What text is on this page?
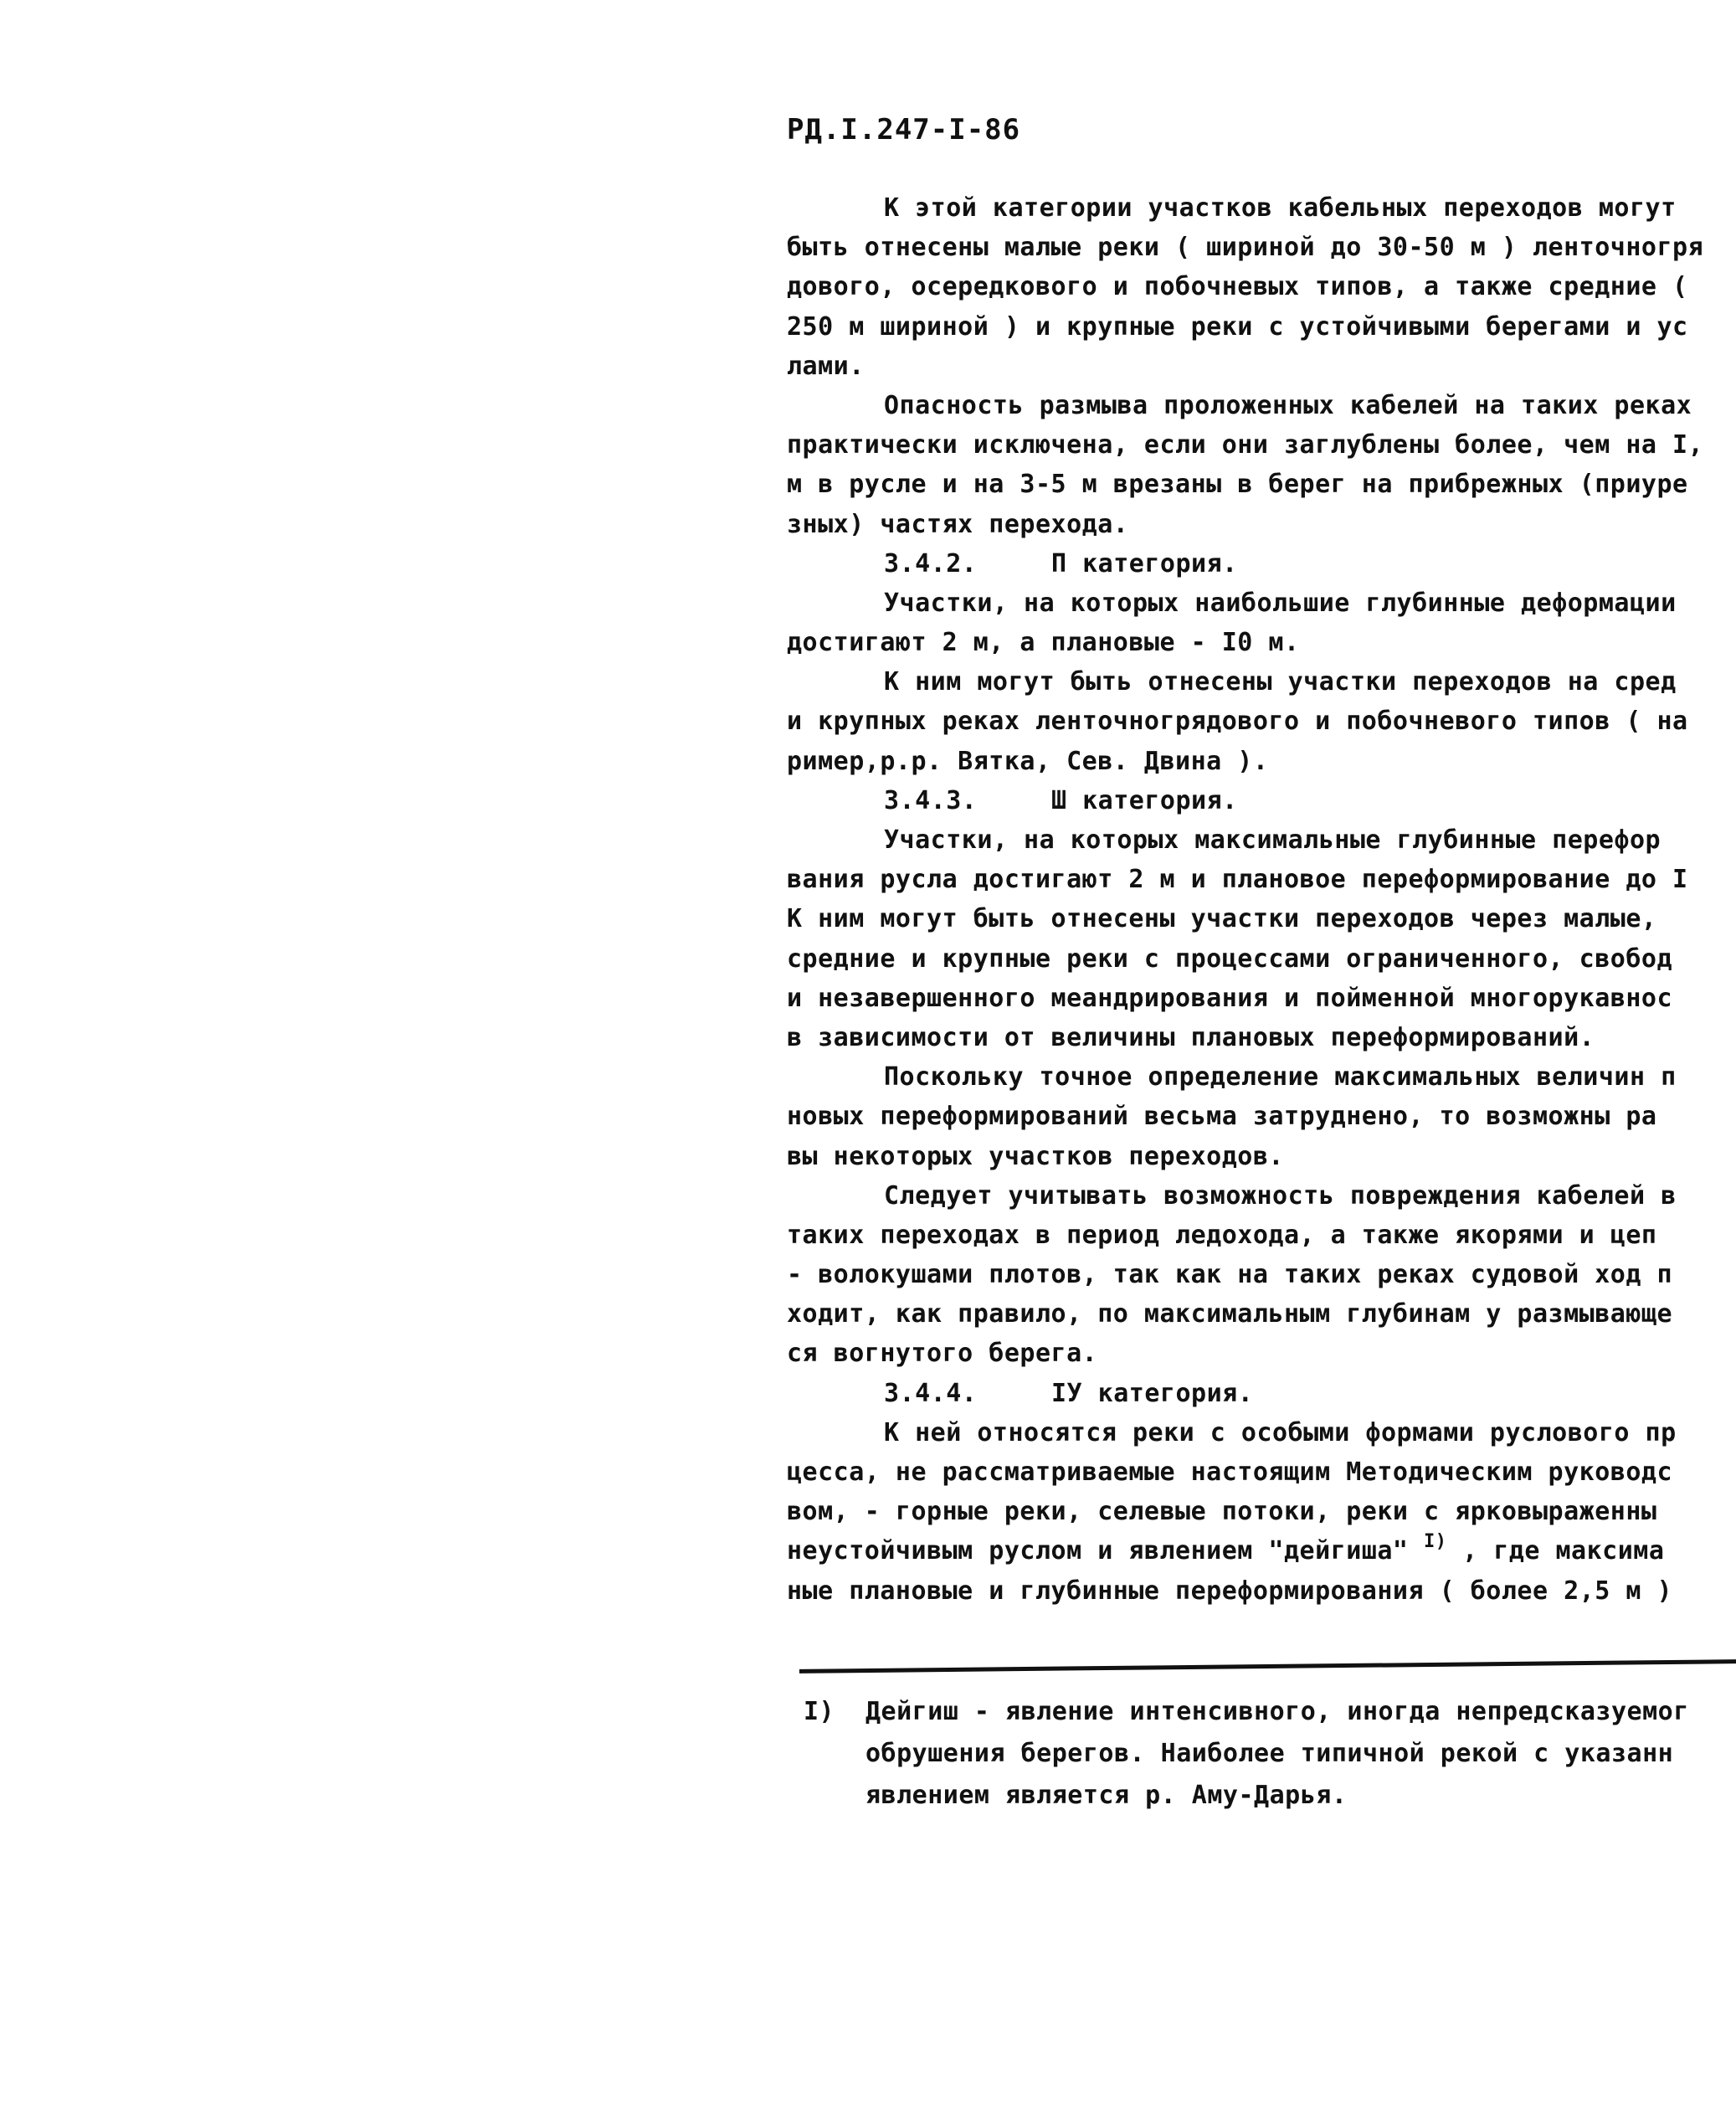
РД.I.247-I-86
К этой категории участков кабельных переходов могут
быть отнесены малые реки ( шириной до 30-50 м ) ленточногря
дового, осередкового и побочневых типов, а также средние (
250 м шириной ) и крупные реки с устойчивыми берегами и ус
лами.
Опасность размыва проложенных кабелей на таких реках
практически исключена, если они заглублены более, чем на I,
м в русле и на 3-5 м врезаны в берег на прибрежных (приуре
зных) частях перехода.
3.4.2.	П категория.
Участки, на которых наибольшие глубинные деформации
достигают 2 м, а плановые - I0 м.
К ним могут быть отнесены участки переходов на сред
и крупных реках ленточногрядового и побочневого типов ( на
ример,р.р. Вятка, Сев. Двина ).
3.4.3.	Ш категория.
Участки, на которых максимальные глубинные перефор
вания русла достигают 2 м и плановое переформирование до I
К ним могут быть отнесены участки переходов через малые,
средние и крупные реки с процессами ограниченного, свобод
и незавершенного меандрирования и пойменной многорукавнос
в зависимости от величины плановых переформирований.
Поскольку точное определение максимальных величин п
новых переформирований весьма затруднено, то возможны ра
вы некоторых участков переходов.
Следует учитывать возможность повреждения кабелей в
таких переходах в период ледохода, а также якорями и цеп
- волокушами плотов, так как на таких реках судовой ход п
ходит, как правило, по максимальным глубинам у размывающе
ся вогнутого берега.
3.4.4.	ІУ категория.
К ней относятся реки с особыми формами руслового пр
цесса, не рассматриваемые настоящим Методическим руководс
вом, - горные реки, селевые потоки, реки с ярковыраженны
неустойчивым руслом и явлением "дейгиша" $^{I)}$ , где максима
ные плановые и глубинные переформирования ( более 2,5 м )
I) Дейгиш - явление интенсивного, иногда непредсказуемог
обрушения берегов. Наиболее типичной рекой с указанн
явлением является р. Аму-Дарья.
